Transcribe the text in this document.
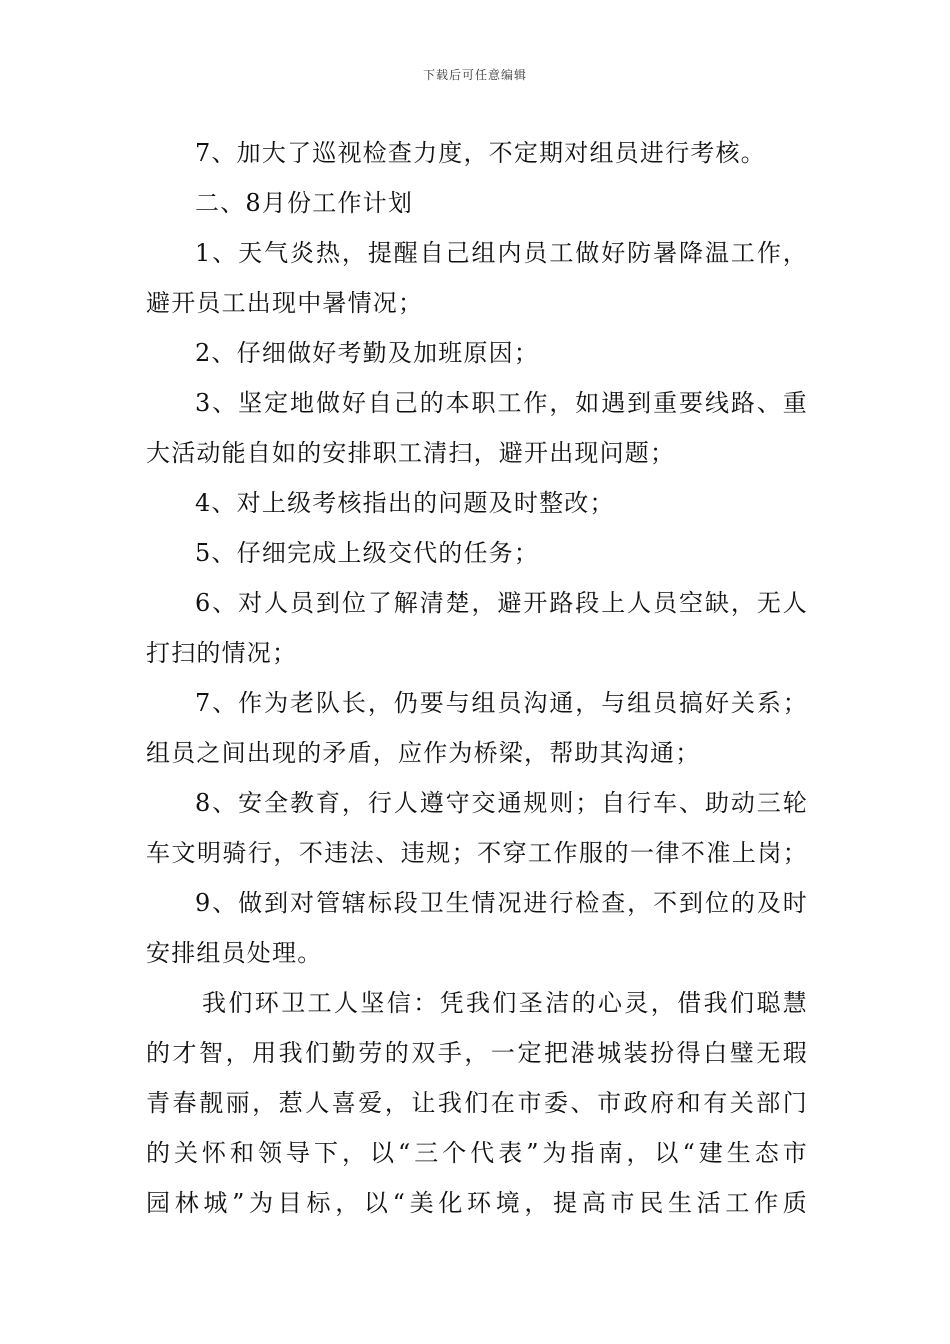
下载后可任意编辑
7、加大了巡视检查力度，不定期对组员进行考核。
二、8月份工作计划
1、天气炎热，提醒自己组内员工做好防暑降温工作，
避开员工出现中暑情况；
2、仔细做好考勤及加班原因；
3、坚定地做好自己的本职工作，如遇到重要线路、重
大活动能自如的安排职工清扫，避开出现问题；
4、对上级考核指出的问题及时整改；
5、仔细完成上级交代的任务；
6、对人员到位了解清楚，避开路段上人员空缺，无人
打扫的情况；
7、作为老队长，仍要与组员沟通，与组员搞好关系；
组员之间出现的矛盾，应作为桥梁，帮助其沟通；
8、安全教育，行人遵守交通规则；自行车、助动三轮
车文明骑行，不违法、违规；不穿工作服的一律不准上岗；
9、做到对管辖标段卫生情况进行检查，不到位的及时
安排组员处理。
我们环卫工人坚信：凭我们圣洁的心灵，借我们聪慧
的才智，用我们勤劳的双手，一定把港城装扮得白璧无瑕
青春靓丽，惹人喜爱，让我们在市委、市政府和有关部门
的关怀和领导下，以“三个代表”为指南，以“建生态市
园林城”为目标，以“美化环境，提高市民生活工作质
